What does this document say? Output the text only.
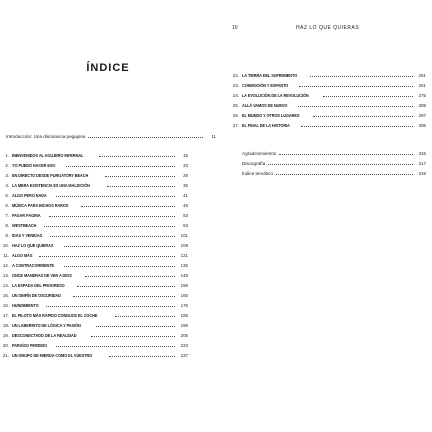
ÍNDICE
Introducción: Una disonancia pegajosa	11
1. BIENVENIDOS AL AGUJERO INFERNAL	15
2. YO PUEDO HACER ESO	23
3. EN DIRECTO DESDE PURGATORY BEACH	29
4. LA MERA EXISTENCIA ES UNA MALDICIÓN	35
5. ALGO PERO NADA	41
6. MÚSICA PARA BICHOS RAROS	49
7. PASAR PÁGINA	53
8. WESTBEACH	63
9. IDAS Y VENIDAS	101
10. HAZ LO QUE QUIERAS	109
11. ALGO MÁS	121
12. A CONTRACORRIENTE	135
13. ONCE MANERAS DE VER A DIOS	149
14. LA ESPADA DEL PROGRESO	159
15. UN SINFÍN DE OSCURIDAD	165
16. HUNDIMIENTO	175
17. EL PILOTO MÁS RÁPIDO CONDUCE EL COCHE	185
18. UN LABERINTO DE LÓGICA Y PASIÓN	195
19. DESCONECTADO DE LA REALIDAD	205
20. PARAÍSO PERDIDO	223
21. UN GRUPO DE MIERDA COMO EL VUESTRO	237
10	HAZ LO QUE QUIERAS
22. LA TIERRA DEL SUFRIMIENTO	251
23. CONMOCIÓN Y ESPANTO	261
24. LA EVOLUCIÓN DE LA REVOLUCIÓN	275
25. ALLÁ VAMOS DE NUEVO	289
26. EL MUNDO Y OTROS LUGARES	297
27. EL FINAL DE LA HISTORIA	305
Agradecimientos	315
Discografía	317
Índice temático	319
